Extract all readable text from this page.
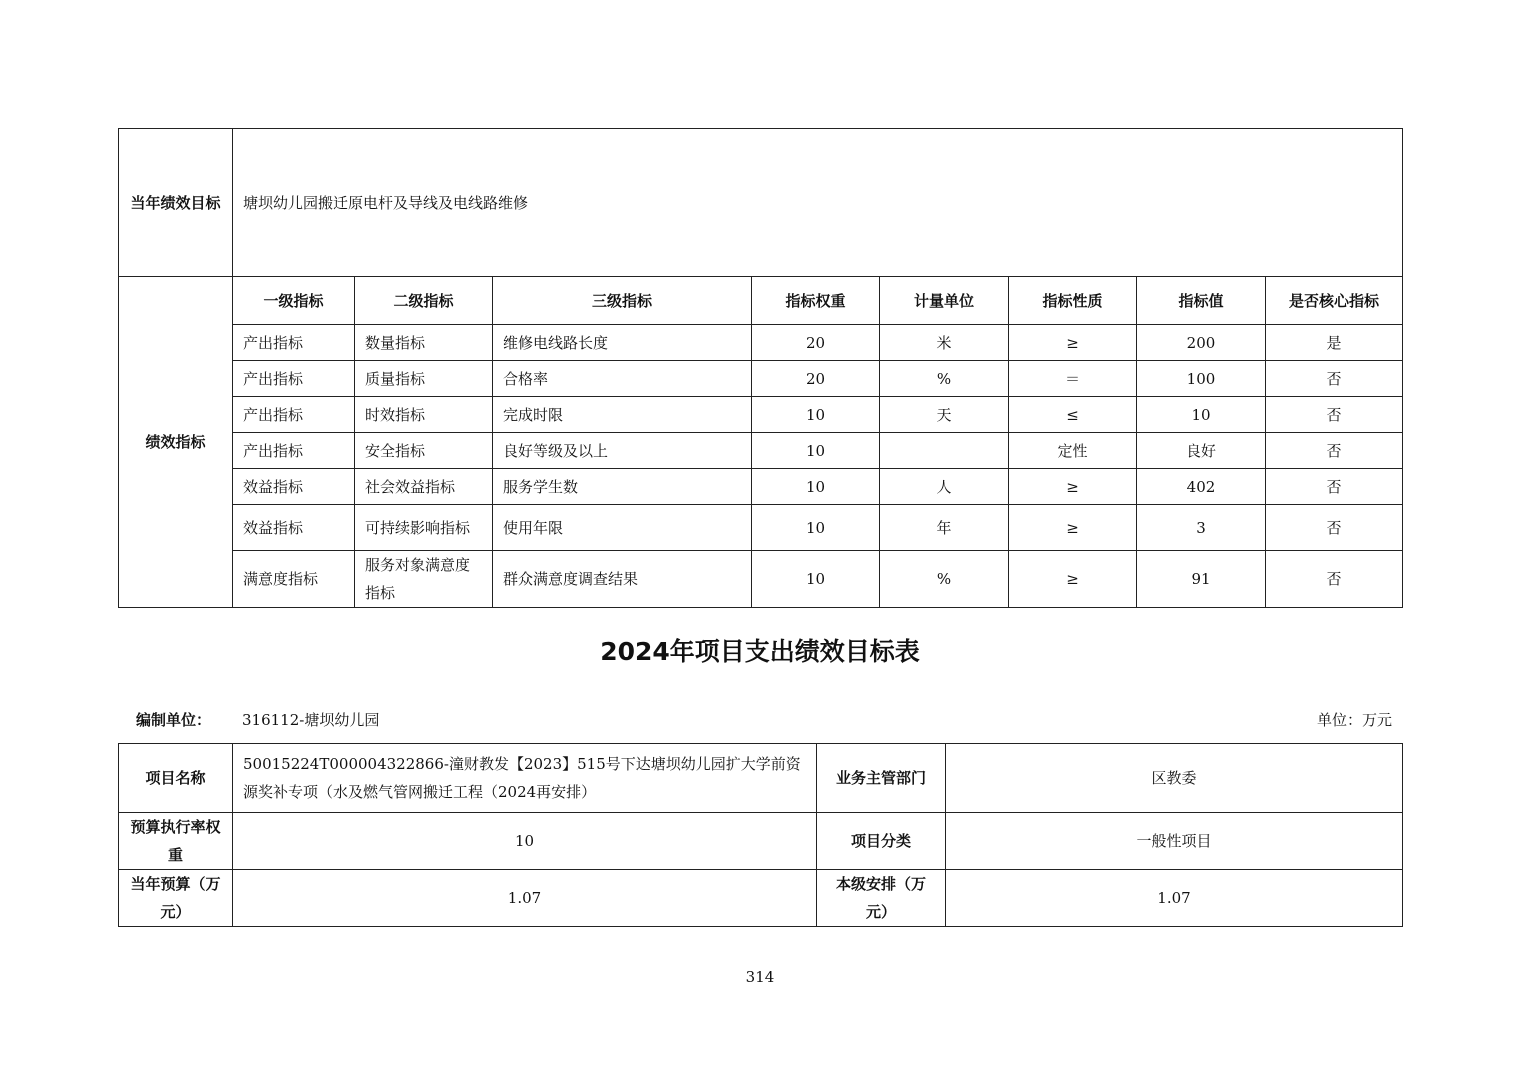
当年绩效目标	塘坝幼儿园搬迁原电杆及导线及电线路维修							
绩效指标	一级指标	二级指标	三级指标	指标权重	计量单位	指标性质	指标值	是否核心指标
	产出指标	数量指标	维修电线路长度	20	米	≥	200	是
	产出指标	质量指标	合格率	20	%	＝	100	否
	产出指标	时效指标	完成时限	10	天	≤	10	否
	产出指标	安全指标	良好等级及以上	10		定性	良好	否
	效益指标	社会效益指标	服务学生数	10	人	≥	402	否
	效益指标	可持续影响指标	使用年限	10	年	≥	3	否
	满意度指标	服务对象满意度指标	群众满意度调查结果	10	%	≥	91	否
2024年项目支出绩效目标表
编制单位： 316112-塘坝幼儿园	单位：万元
项目名称	50015224T000004322866-潼财教发【2023】515号下达塘坝幼儿园扩大学前资源奖补专项（水及燃气管网搬迁工程（2024再安排）	业务主管部门	区教委
预算执行率权重	10	项目分类	一般性项目
当年预算（万元）	1.07	本级安排（万元）	1.07
314
